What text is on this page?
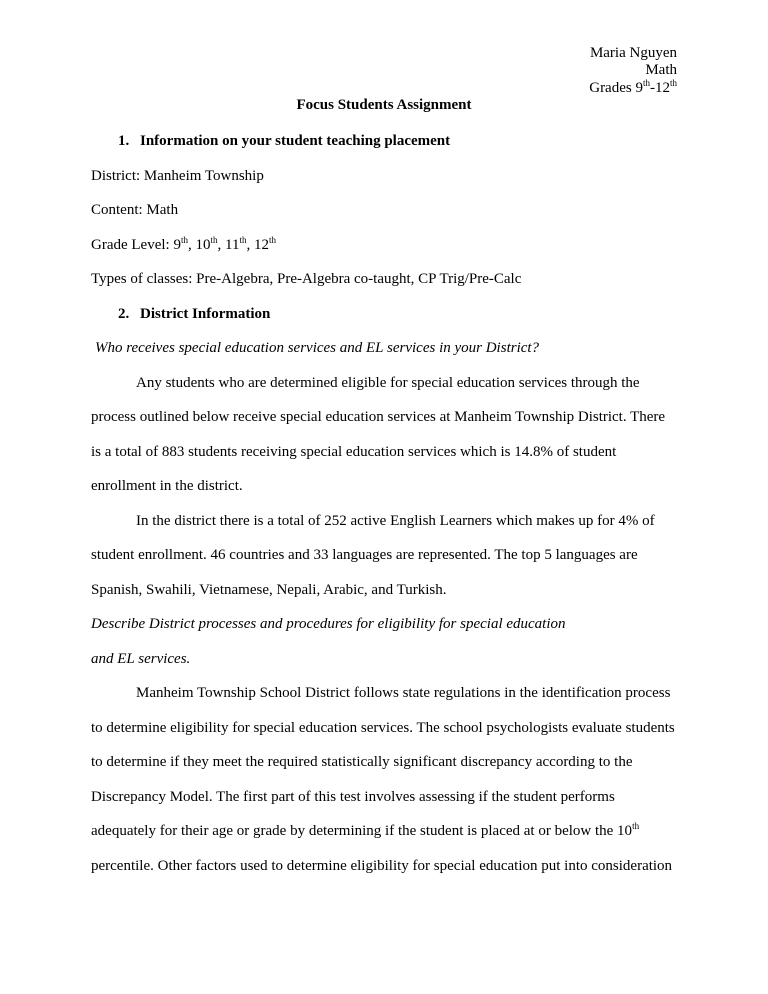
Maria Nguyen
Math
Grades 9th-12th
Focus Students Assignment
1. Information on your student teaching placement
District: Manheim Township
Content: Math
Grade Level: 9th, 10th, 11th, 12th
Types of classes: Pre-Algebra, Pre-Algebra co-taught, CP Trig/Pre-Calc
2. District Information
Who receives special education services and EL services in your District?
Any students who are determined eligible for special education services through the
process outlined below receive special education services at Manheim Township District. There
is a total of 883 students receiving special education services which is 14.8% of student
enrollment in the district.
In the district there is a total of 252 active English Learners which makes up for 4% of
student enrollment. 46 countries and 33 languages are represented. The top 5 languages are
Spanish, Swahili, Vietnamese, Nepali, Arabic, and Turkish.
Describe District processes and procedures for eligibility for special education
and EL services.
Manheim Township School District follows state regulations in the identification process
to determine eligibility for special education services. The school psychologists evaluate students
to determine if they meet the required statistically significant discrepancy according to the
Discrepancy Model. The first part of this test involves assessing if the student performs
adequately for their age or grade by determining if the student is placed at or below the 10th
percentile. Other factors used to determine eligibility for special education put into consideration
